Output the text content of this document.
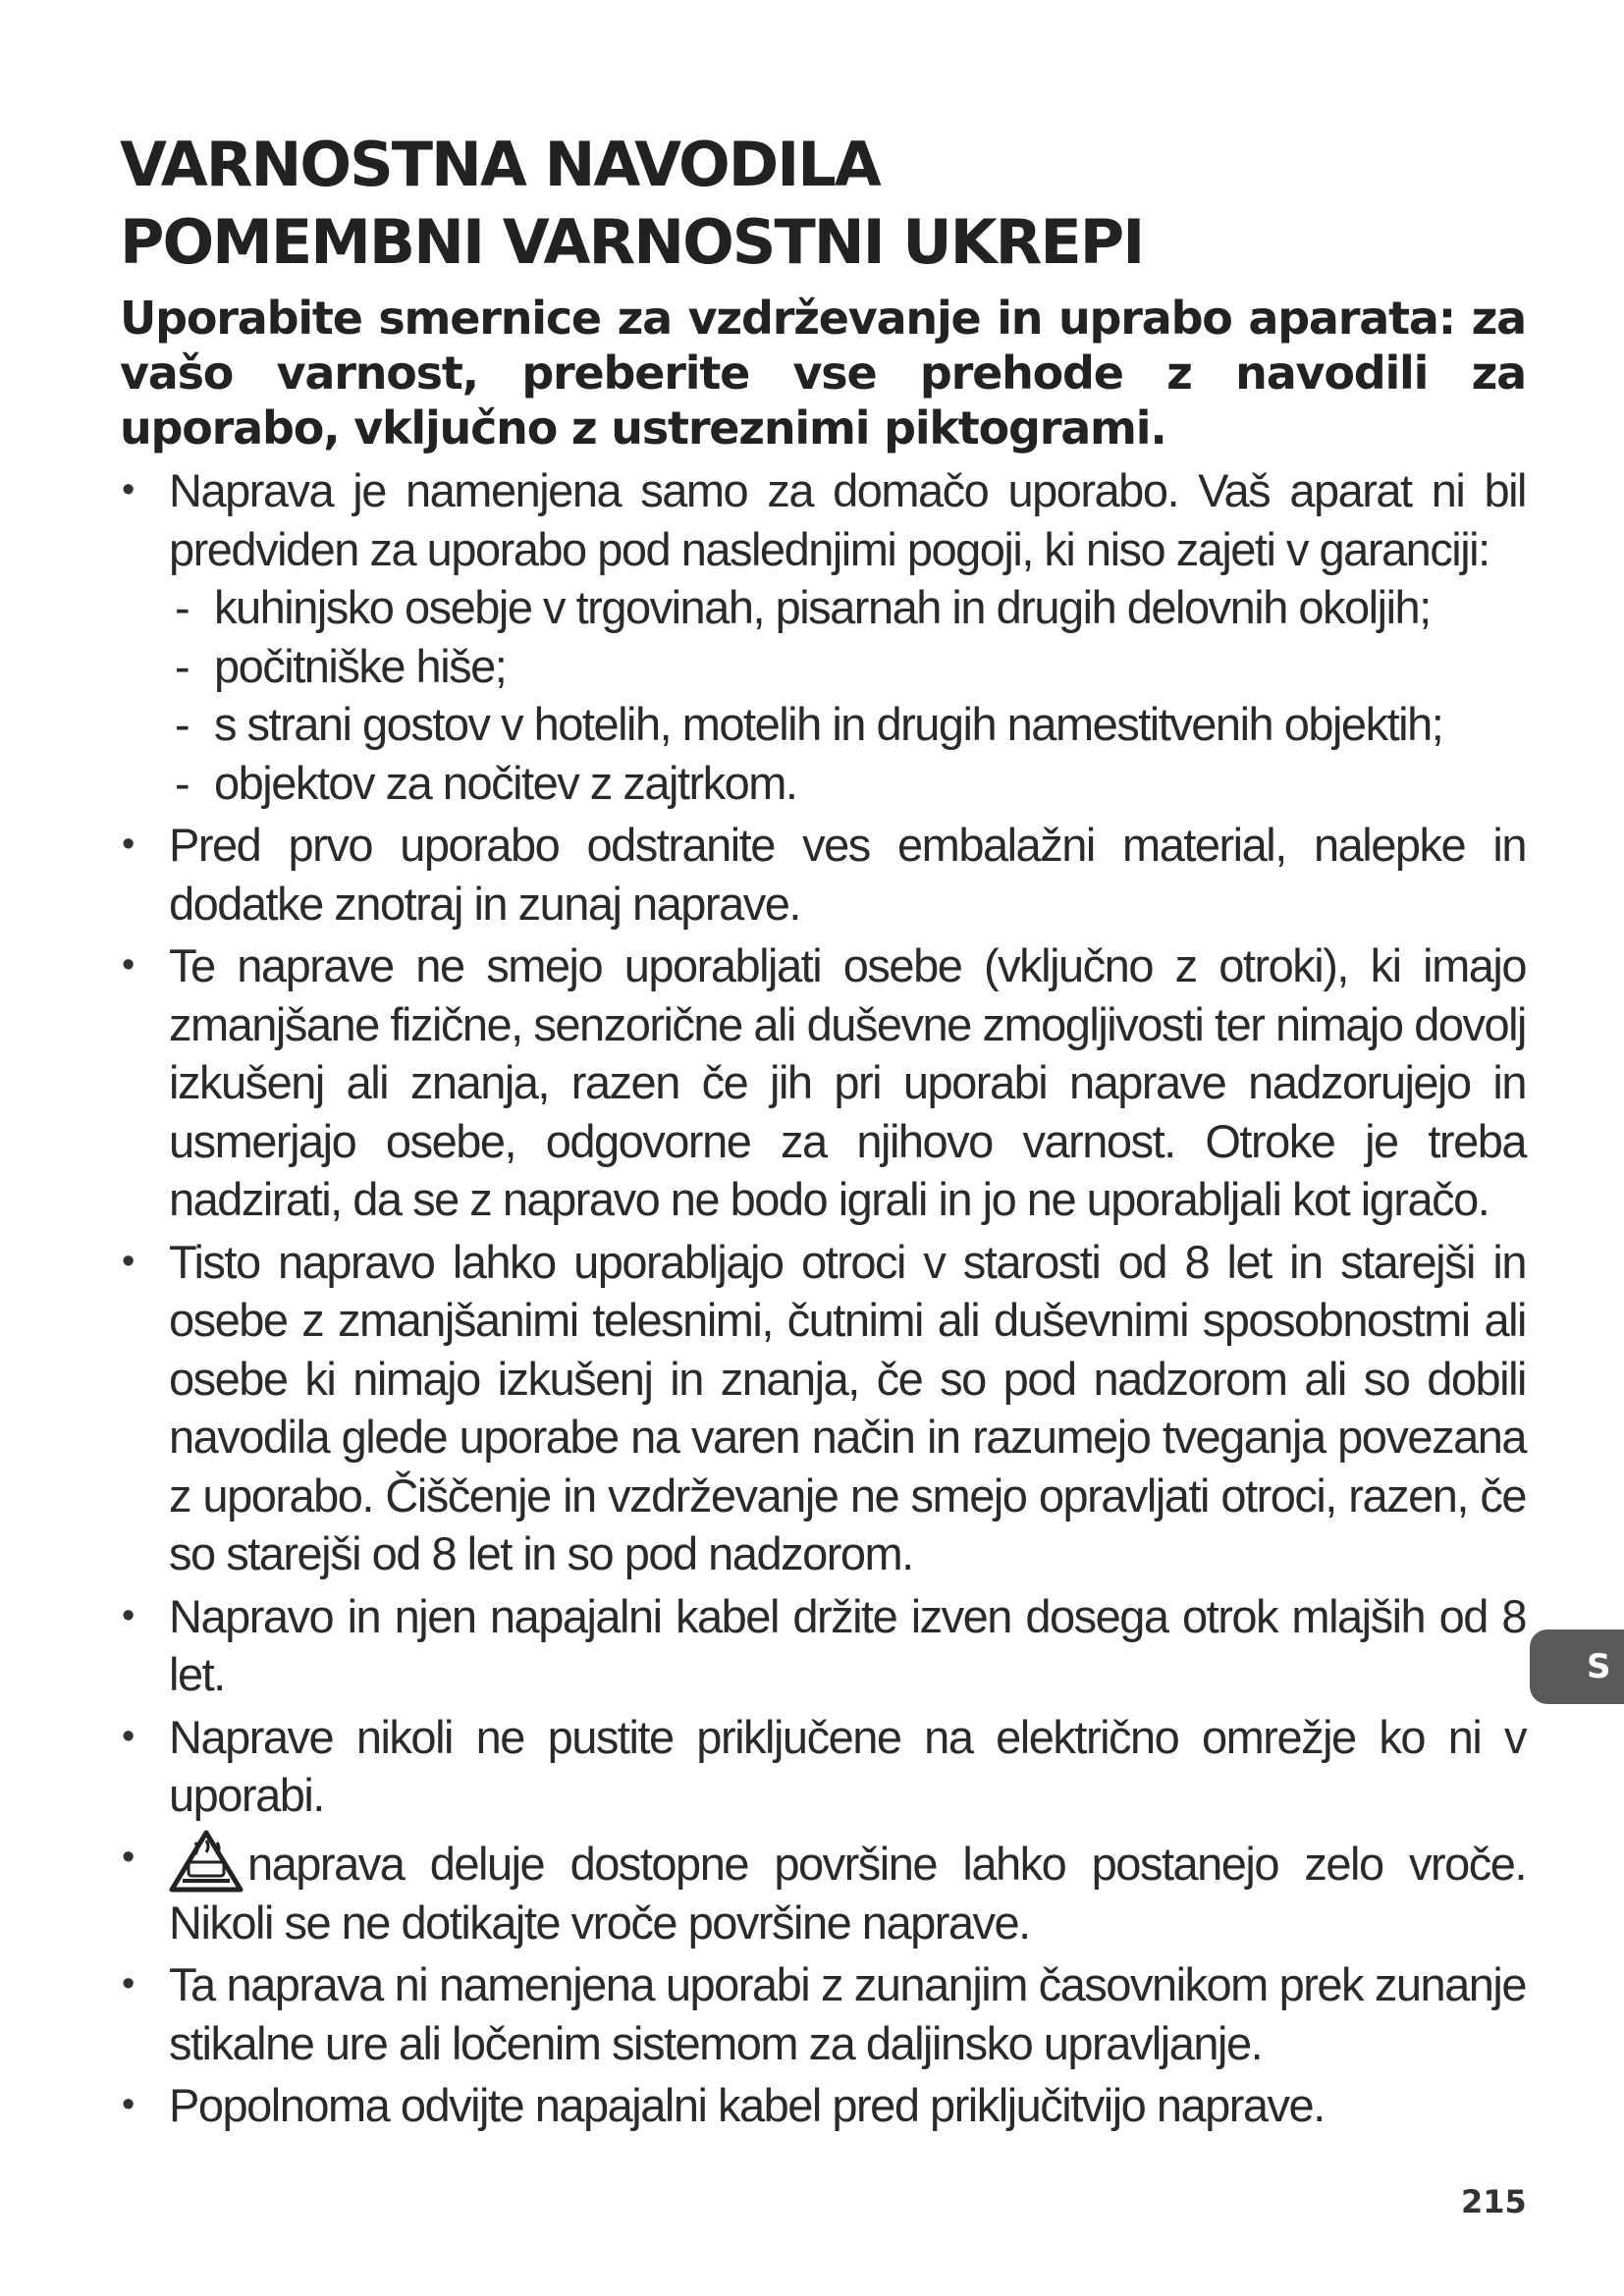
VARNOSTNA NAVODILA
POMEMBNI VARNOSTNI UKREPI

Uporabite smernice za vzdrževanje in uprabo aparata: za vašo varnost, preberite vse prehode z navodili za uporabo, vključno z ustreznimi piktogrami.

• Naprava je namenjena samo za domačo uporabo. Vaš aparat ni bil predviden za uporabo pod naslednjimi pogoji, ki niso zajeti v garanciji:
- kuhinjsko osebje v trgovinah, pisarnah in drugih delovnih okoljih;
- počitniške hiše;
- s strani gostov v hotelih, motelih in drugih namestitvenih objektih;
- objektov za nočitev z zajtrkom.
• Pred prvo uporabo odstranite ves embalažni material, nalepke in dodatke znotraj in zunaj naprave.
• Te naprave ne smejo uporabljati osebe (vključno z otroki), ki imajo zmanjšane fizične, senzorične ali duševne zmogljivosti ter nimajo dovolj izkušenj ali znanja, razen če jih pri uporabi naprave nadzorujejo in usmerjajo osebe, odgovorne za njihovo varnost. Otroke je treba nadzirati, da se z napravo ne bodo igrali in jo ne uporabljali kot igračo.
• Tisto napravo lahko uporabljajo otroci v starosti od 8 let in starejši in osebe z zmanjšanimi telesnimi, čutnimi ali duševnimi sposobnostmi ali osebe ki nimajo izkušenj in znanja, če so pod nadzorom ali so dobili navodila glede uporabe na varen način in razumejo tveganja povezana z uporabo. Čiščenje in vzdrževanje ne smejo opravljati otroci, razen, če so starejši od 8 let in so pod nadzorom.
• Napravo in njen napajalni kabel držite izven dosega otrok mlajših od 8 let.
• Naprave nikoli ne pustite priključene na električno omrežje ko ni v uporabi.
• naprava deluje dostopne površine lahko postanejo zelo vroče. Nikoli se ne dotikajte vroče površine naprave.
• Ta naprava ni namenjena uporabi z zunanjim časovnikom prek zunanje stikalne ure ali ločenim sistemom za daljinsko upravljanje.
• Popolnoma odvijte napajalni kabel pred priključitvijo naprave.
S
215
